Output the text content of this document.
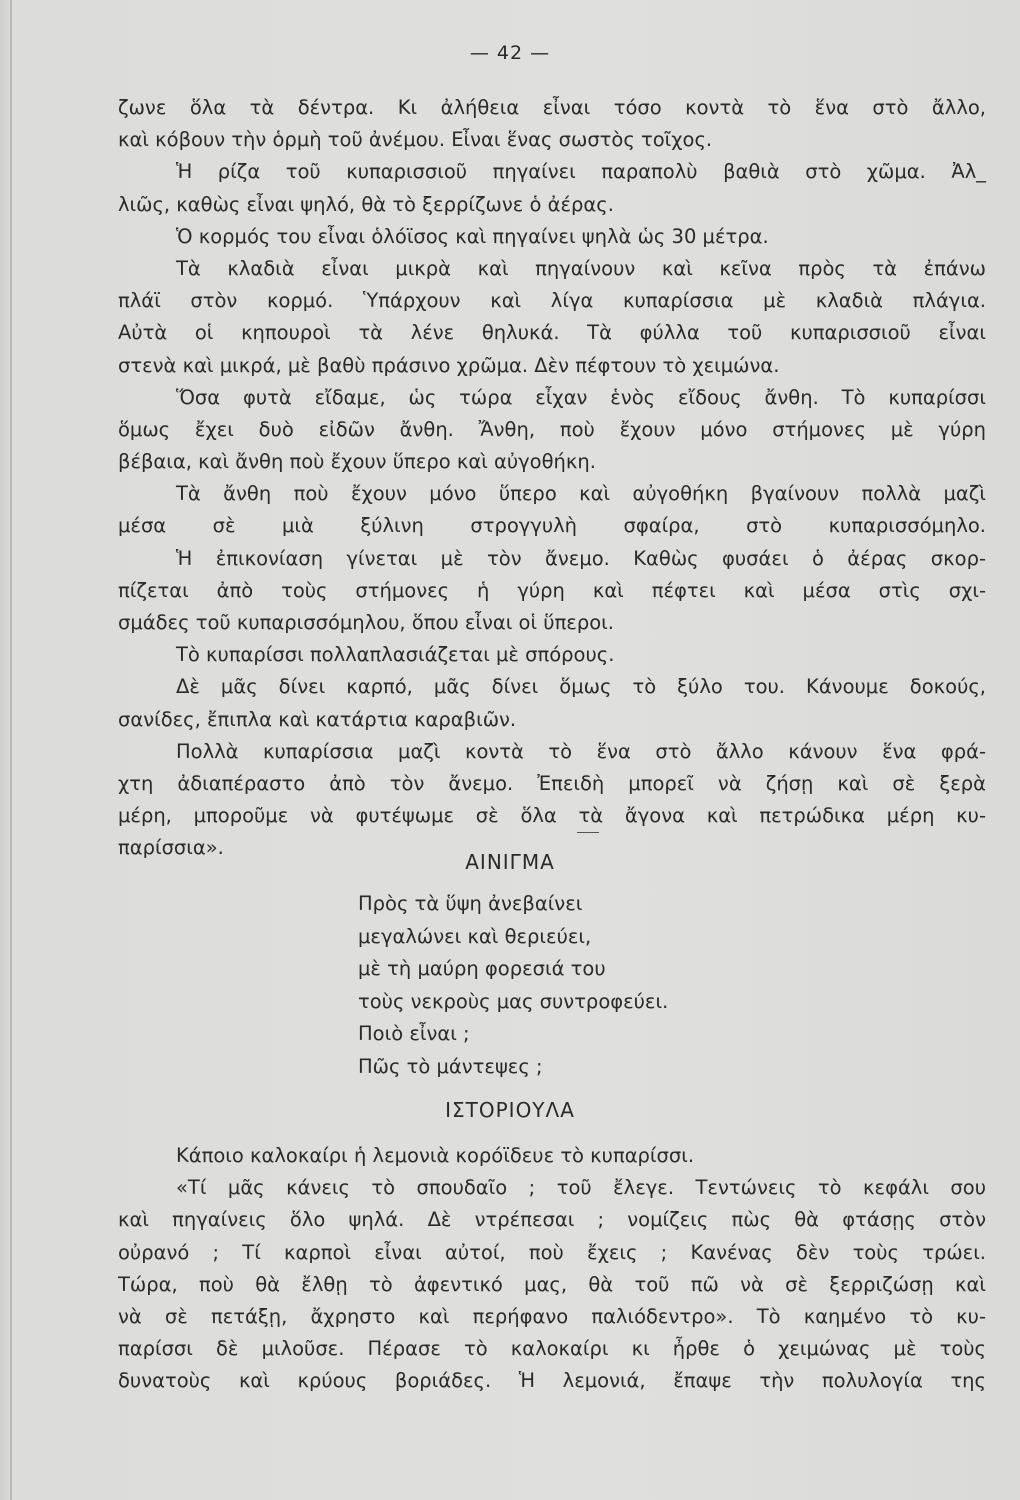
— 42 —
ζωνε ὅλα τὰ δέντρα. Κι ἀλήθεια εἶναι τόσο κοντὰ τὸ ἕνα στὸ ἄλλο,
καὶ κόβουν τὴν ὁρμὴ τοῦ ἀνέμου. Εἶναι ἕνας σωστὸς τοῖχος.
Ἡ ρίζα τοῦ κυπαρισσιοῦ πηγαίνει παραπολὺ βαθιὰ στὸ χῶμα. Ἀλ_
λιῶς, καθὼς εἶναι ψηλό, θὰ τὸ ξερρίζωνε ὁ ἀέρας.
Ὁ κορμός του εἶναι ὁλόϊσος καὶ πηγαίνει ψηλὰ ὡς 30 μέτρα.
Τὰ κλαδιὰ εἶναι μικρὰ καὶ πηγαίνουν καὶ κεῖνα πρὸς τὰ ἐπάνω
πλάϊ στὸν κορμό. Ὑπάρχουν καὶ λίγα κυπαρίσσια μὲ κλαδιὰ πλάγια.
Αὐτὰ οἱ κηπουροὶ τὰ λένε θηλυκά. Τὰ φύλλα τοῦ κυπαρισσιοῦ εἶναι
στενὰ καὶ μικρά, μὲ βαθὺ πράσινο χρῶμα. Δὲν πέφτουν τὸ χειμώνα.
Ὅσα φυτὰ εἴδαμε, ὡς τώρα εἶχαν ἑνὸς εἴδους ἄνθη. Τὸ κυπαρίσσι
ὅμως ἔχει δυὸ εἰδῶν ἄνθη. Ἄνθη, ποὺ ἔχουν μόνο στήμονες μὲ γύρη
βέβαια, καὶ ἄνθη ποὺ ἔχουν ὕπερο καὶ αὐγοθήκη.
Τὰ ἄνθη ποὺ ἔχουν μόνο ὕπερο καὶ αὐγοθήκη βγαίνουν πολλὰ μαζὶ
μέσα σὲ μιὰ ξύλινη στρογγυλὴ σφαίρα, στὸ κυπαρισσόμηλο.
Ἡ ἐπικονίαση γίνεται μὲ τὸν ἄνεμο. Καθὼς φυσάει ὁ ἀέρας σκορ-
πίζεται ἀπὸ τοὺς στήμονες ἡ γύρη καὶ πέφτει καὶ μέσα στὶς σχι-
σμάδες τοῦ κυπαρισσόμηλου, ὅπου εἶναι οἱ ὕπεροι.
Τὸ κυπαρίσσι πολλαπλασιάζεται μὲ σπόρους.
Δὲ μᾶς δίνει καρπό, μᾶς δίνει ὅμως τὸ ξύλο του. Κάνουμε δοκούς,
σανίδες, ἔπιπλα καὶ κατάρτια καραβιῶν.
Πολλὰ κυπαρίσσια μαζὶ κοντὰ τὸ ἕνα στὸ ἄλλο κάνουν ἕνα φρά-
χτη ἀδιαπέραστο ἀπὸ τὸν ἄνεμο. Ἐπειδὴ μπορεῖ νὰ ζήσῃ καὶ σὲ ξερὰ
μέρη, μποροῦμε νὰ φυτέψωμε σὲ ὅλα τὰ ἄγονα καὶ πετρώδικα μέρη κυ-
παρίσσια».
ΑΙΝΙΓΜΑ
Πρὸς τὰ ὕψη ἀνεβαίνει
μεγαλώνει καὶ θεριεύει,
μὲ τὴ μαύρη φορεσιά του
τοὺς νεκροὺς μας συντροφεύει.
Ποιὸ εἶναι ;
Πῶς τὸ μάντεψες ;
ΙΣΤΟΡΙΟΥΛΑ
Κάποιο καλοκαίρι ἡ λεμονιὰ κορόϊδευε τὸ κυπαρίσσι.
«Τί μᾶς κάνεις τὸ σπουδαῖο ; τοῦ ἔλεγε. Τεντώνεις τὸ κεφάλι σου
καὶ πηγαίνεις ὅλο ψηλά. Δὲ ντρέπεσαι ; νομίζεις πὼς θὰ φτάσῃς στὸν
οὐρανό ; Τί καρποὶ εἶναι αὐτοί, ποὺ ἔχεις ; Κανένας δὲν τοὺς τρώει.
Τώρα, ποὺ θὰ ἔλθῃ τὸ ἀφεντικό μας, θὰ τοῦ πῶ νὰ σὲ ξερριζώσῃ καὶ
νὰ σὲ πετάξῃ, ἄχρηστο καὶ περήφανο παλιόδεντρο». Τὸ καημένο τὸ κυ-
παρίσσι δὲ μιλοῦσε. Πέρασε τὸ καλοκαίρι κι ἦρθε ὁ χειμώνας μὲ τοὺς
δυνατοὺς καὶ κρύους βοριάδες. Ἡ λεμονιά, ἔπαψε τὴν πολυλογία της
